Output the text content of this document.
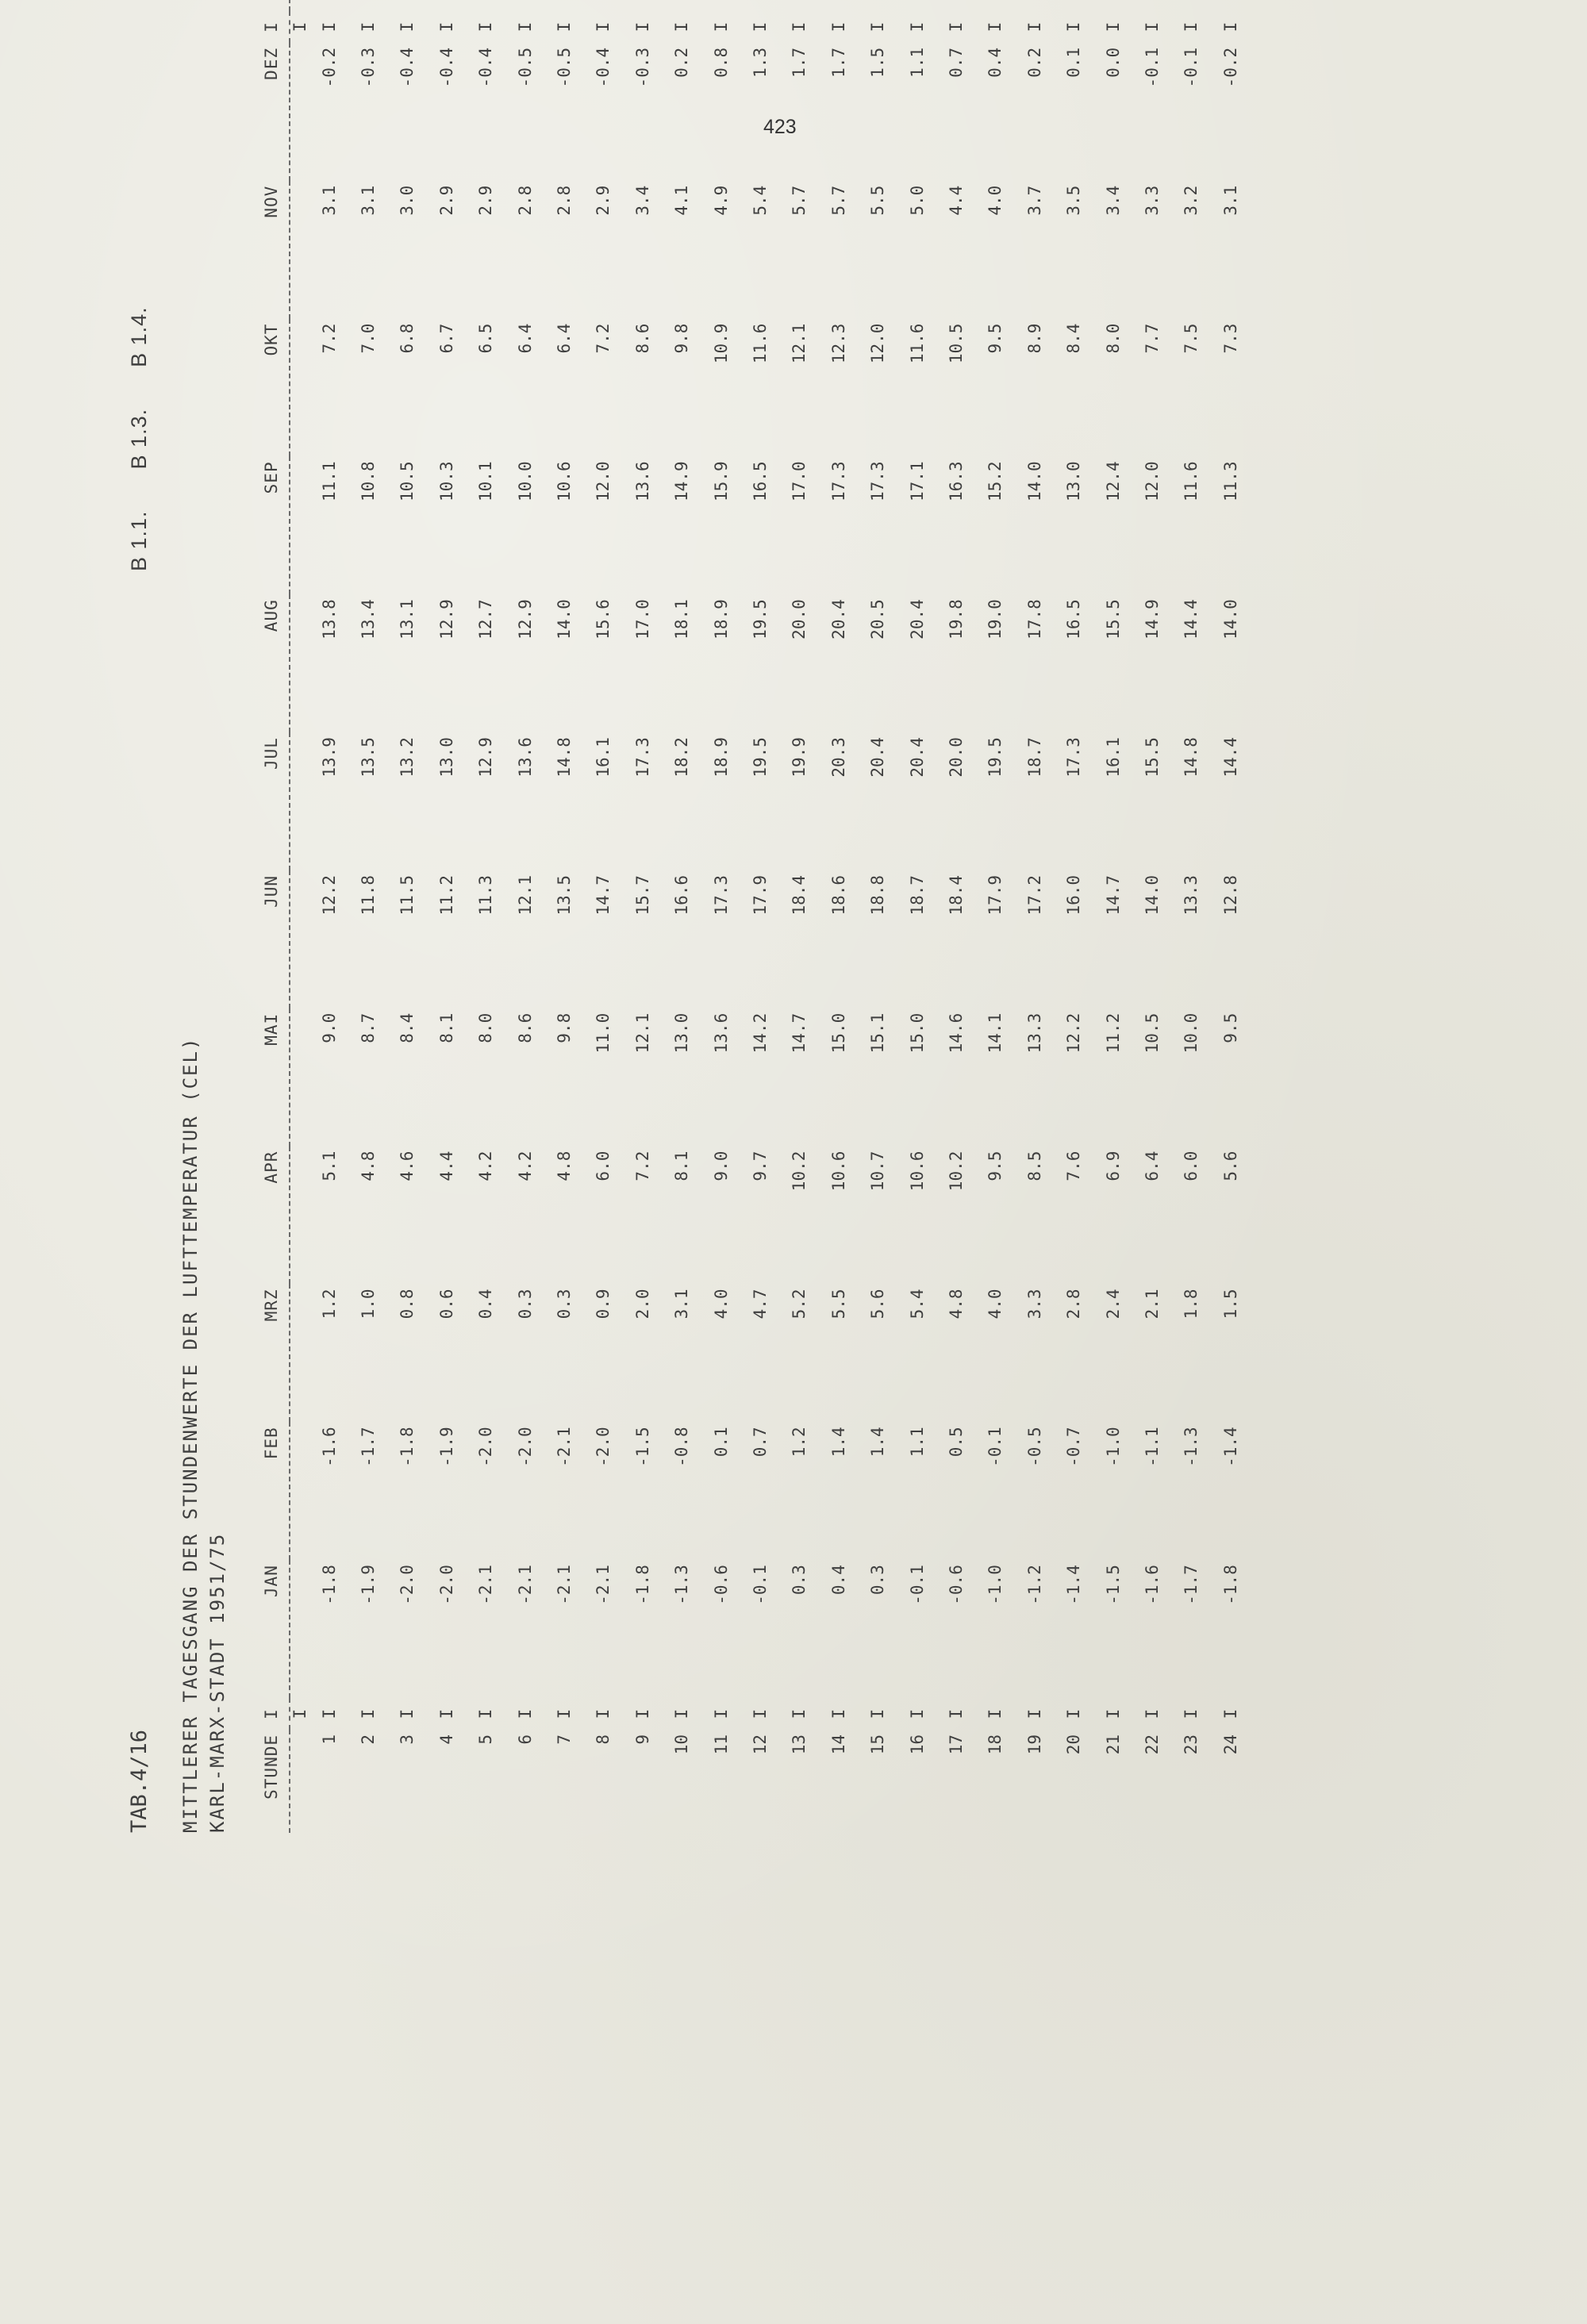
423
TAB.4/16 MITTLERER TAGESGANG DER STUNDENWERTE DER LUFTTEMPERATUR (CEL) KARL-MARX-STADT 1951/75
B 1.1.
B 1.3.
B 1.4.
STUNDE	I	JAN	FEB	MRZ	APR	MAI	JUN	JUL	AUG	SEP	OKT	NOV	DEZ	I	
	I													I	
1	I	-1.8	-1.6	1.2	5.1	9.0	12.2	13.9	13.8	11.1	7.2	3.1	-0.2	I	
2	I	-1.9	-1.7	1.0	4.8	8.7	11.8	13.5	13.4	10.8	7.0	3.1	-0.3	I	
3	I	-2.0	-1.8	0.8	4.6	8.4	11.5	13.2	13.1	10.5	6.8	3.0	-0.4	I	
4	I	-2.0	-1.9	0.6	4.4	8.1	11.2	13.0	12.9	10.3	6.7	2.9	-0.4	I	
5	I	-2.1	-2.0	0.4	4.2	8.0	11.3	12.9	12.7	10.1	6.5	2.9	-0.4	I	
6	I	-2.1	-2.0	0.3	4.2	8.6	12.1	13.6	12.9	10.0	6.4	2.8	-0.5	I	
7	I	-2.1	-2.1	0.3	4.8	9.8	13.5	14.8	14.0	10.6	6.4	2.8	-0.5	I	
8	I	-2.1	-2.0	0.9	6.0	11.0	14.7	16.1	15.6	12.0	7.2	2.9	-0.4	I	
9	I	-1.8	-1.5	2.0	7.2	12.1	15.7	17.3	17.0	13.6	8.6	3.4	-0.3	I	
10	I	-1.3	-0.8	3.1	8.1	13.0	16.6	18.2	18.1	14.9	9.8	4.1	0.2	I	
11	I	-0.6	0.1	4.0	9.0	13.6	17.3	18.9	18.9	15.9	10.9	4.9	0.8	I	
12	I	-0.1	0.7	4.7	9.7	14.2	17.9	19.5	19.5	16.5	11.6	5.4	1.3	I	
13	I	0.3	1.2	5.2	10.2	14.7	18.4	19.9	20.0	17.0	12.1	5.7	1.7	I	
14	I	0.4	1.4	5.5	10.6	15.0	18.6	20.3	20.4	17.3	12.3	5.7	1.7	I	
15	I	0.3	1.4	5.6	10.7	15.1	18.8	20.4	20.5	17.3	12.0	5.5	1.5	I	
16	I	-0.1	1.1	5.4	10.6	15.0	18.7	20.4	20.4	17.1	11.6	5.0	1.1	I	
17	I	-0.6	0.5	4.8	10.2	14.6	18.4	20.0	19.8	16.3	10.5	4.4	0.7	I	
18	I	-1.0	-0.1	4.0	9.5	14.1	17.9	19.5	19.0	15.2	9.5	4.0	0.4	I	
19	I	-1.2	-0.5	3.3	8.5	13.3	17.2	18.7	17.8	14.0	8.9	3.7	0.2	I	
20	I	-1.4	-0.7	2.8	7.6	12.2	16.0	17.3	16.5	13.0	8.4	3.5	0.1	I	
21	I	-1.5	-1.0	2.4	6.9	11.2	14.7	16.1	15.5	12.4	8.0	3.4	0.0	I	
22	I	-1.6	-1.1	2.1	6.4	10.5	14.0	15.5	14.9	12.0	7.7	3.3	-0.1	I	
23	I	-1.7	-1.3	1.8	6.0	10.0	13.3	14.8	14.4	11.6	7.5	3.2	-0.1	I	
24	I	-1.8	-1.4	1.5	5.6	9.5	12.8	14.4	14.0	11.3	7.3	3.1	-0.2	I	
